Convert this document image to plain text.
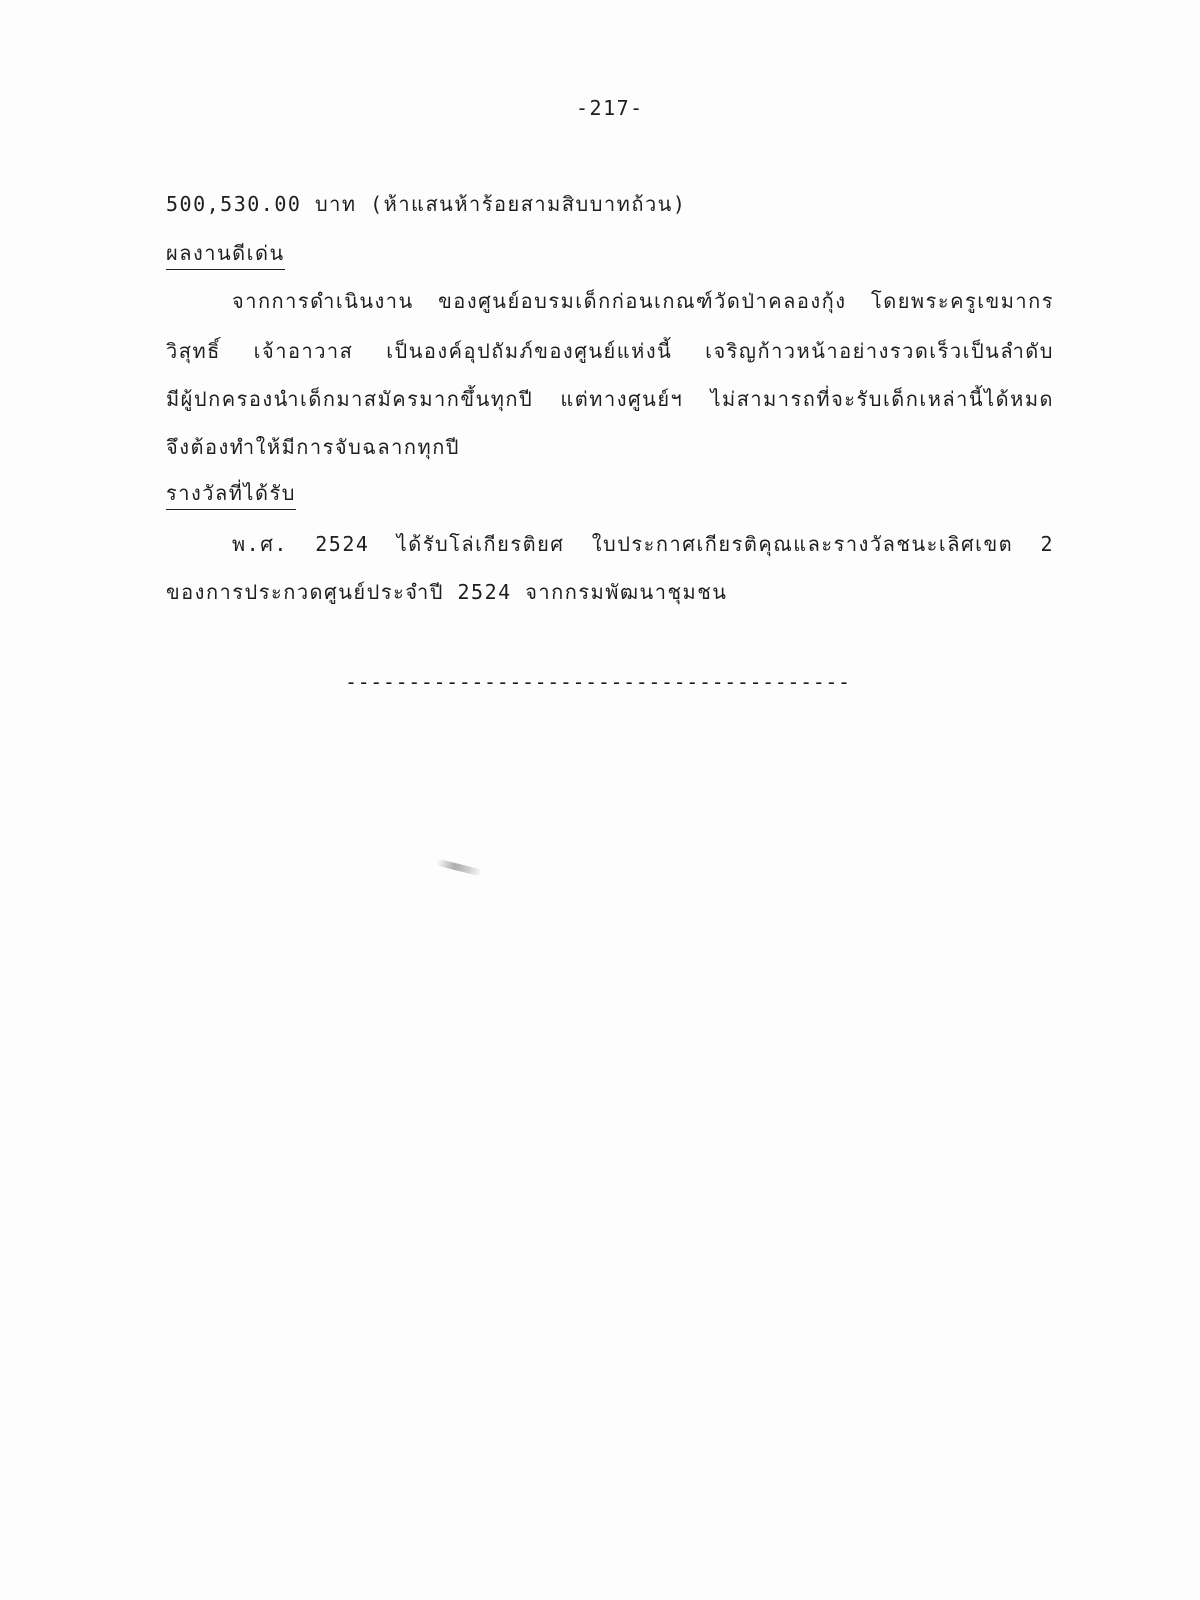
-217-
500,530.00 บาท (ห้าแสนห้าร้อยสามสิบบาทถ้วน)
ผลงานดีเด่น
จากการดำเนินงาน ของศูนย์อบรมเด็กก่อนเกณฑ์วัดป่าคลองกุ้ง โดยพระครูเขมากร
วิสุทธิ์ เจ้าอาวาส เป็นองค์อุปถัมภ์ของศูนย์แห่งนี้ เจริญก้าวหน้าอย่างรวดเร็วเป็นลำดับ
มีผู้ปกครองนำเด็กมาสมัครมากขึ้นทุกปี แต่ทางศูนย์ฯ ไม่สามารถที่จะรับเด็กเหล่านี้ได้หมด
จึงต้องทำให้มีการจับฉลากทุกปี
รางวัลที่ได้รับ
พ.ศ. 2524 ได้รับโล่เกียรติยศ ใบประกาศเกียรติคุณและรางวัลชนะเลิศเขต 2
ของการประกวดศูนย์ประจำปี 2524 จากกรมพัฒนาชุมชน
----------------------------------------
